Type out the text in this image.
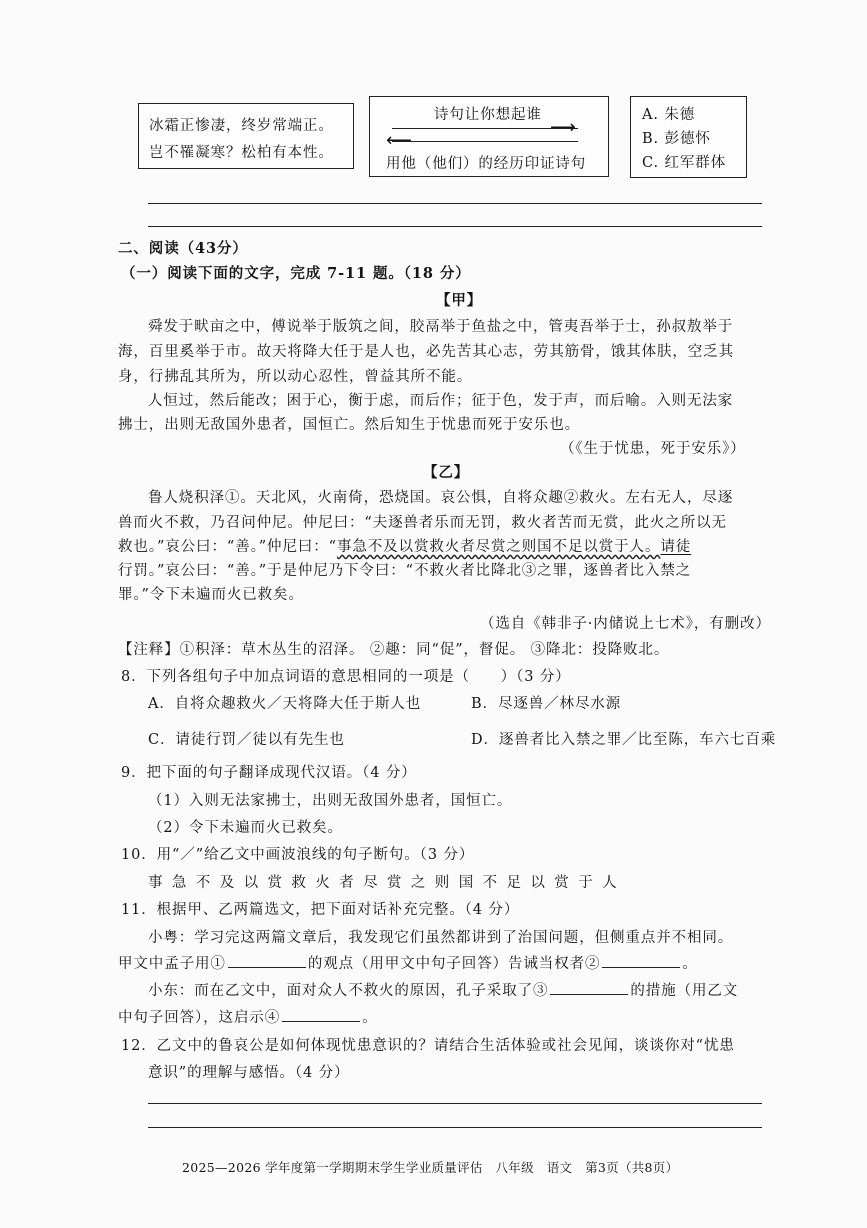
冰霜正惨凄，终岁常端正。
岂不罹凝寒？松柏有本性。
诗句让你想起谁
⟶
⟵
用他（他们）的经历印证诗句
A. 朱德
B. 彭德怀
C. 红军群体
二、阅读（43分）
（一）阅读下面的文字，完成 7-11 题。（18 分）
【甲】
舜发于畎亩之中，傅说举于版筑之间，胶鬲举于鱼盐之中，管夷吾举于士，孙叔敖举于
海，百里奚举于市。故天将降大任于是人也，必先苦其心志，劳其筋骨，饿其体肤，空乏其
身，行拂乱其所为，所以动心忍性，曾益其所不能。
人恒过，然后能改；困于心，衡于虑，而后作；征于色，发于声，而后喻。入则无法家
拂士，出则无敌国外患者，国恒亡。然后知生于忧患而死于安乐也。
（《生于忧患，死于安乐》）
【乙】
鲁人烧积泽①。天北风，火南倚，恐烧国。哀公惧，自将众趣②救火。左右无人，尽逐
兽而火不救，乃召问仲尼。仲尼曰：“夫逐兽者乐而无罚，救火者苦而无赏，此火之所以无
救也。”哀公曰：“善。”仲尼曰：“事急不及以赏救火者尽赏之则国不足以赏于人。请徒
行罚。”哀公曰：“善。”于是仲尼乃下令曰：“不救火者比降北③之罪，逐兽者比入禁之
罪。”令下未遍而火已救矣。
（选自《韩非子·内储说上七术》，有删改）
【注释】①积泽：草木丛生的沼泽。 ②趣：同“促”，督促。 ③降北：投降败北。
8．下列各组句子中加点词语的意思相同的一项是（　　）（3 分）
A．自将众趣救火／天将降大任于斯人也	B．尽逐兽／林尽水源
C．请徒行罚／徒以有先生也	D．逐兽者比入禁之罪／比至陈，车六七百乘
9．把下面的句子翻译成现代汉语。（4 分）
（1）入则无法家拂士，出则无敌国外患者，国恒亡。
（2）令下未遍而火已救矣。
10．用“／”给乙文中画波浪线的句子断句。（3 分）
事急不及以赏救火者尽赏之则国不足以赏于人
11．根据甲、乙两篇选文，把下面对话补充完整。（4 分）
小粤：学习完这两篇文章后，我发现它们虽然都讲到了治国问题，但侧重点并不相同。
甲文中孟子用①	的观点（用甲文中句子回答）告诫当权者②	。
小东：而在乙文中，面对众人不救火的原因，孔子采取了③	的措施（用乙文
中句子回答），这启示④	。
12．乙文中的鲁哀公是如何体现忧患意识的？请结合生活体验或社会见闻，谈谈你对“忧患
意识”的理解与感悟。（4 分）
2025—2026 学年度第一学期期末学生学业质量评估　八年级　语文　第3页（共8页）
